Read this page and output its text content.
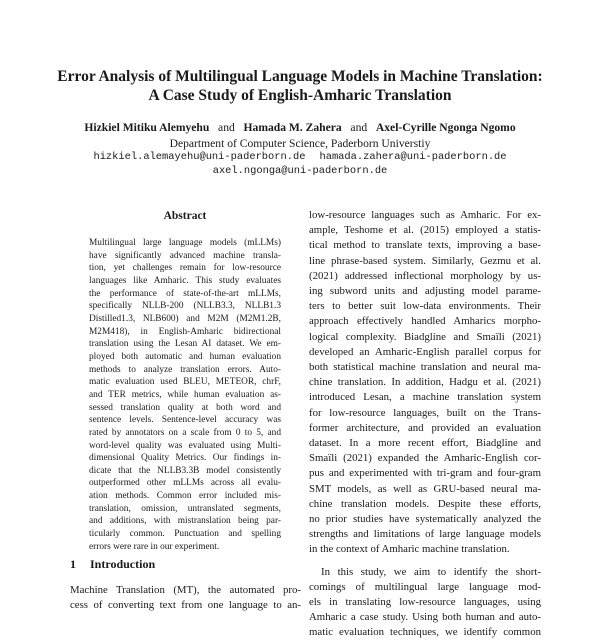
Error Analysis of Multilingual Language Models in Machine Translation:
A Case Study of English-Amharic Translation
Hizkiel Mitiku Alemyehu and Hamada M. Zahera and Axel-Cyrille Ngonga Ngomo
Department of Computer Science, Paderborn Universtiy
hizkiel.alemayehu@uni-paderborn.de hamada.zahera@uni-paderborn.de
axel.ngonga@uni-paderborn.de
Abstract
Multilingual large language models (mLLMs)
have significantly advanced machine transla-
tion, yet challenges remain for low-resource
languages like Amharic. This study evaluates
the performance of state-of-the-art mLLMs,
specifically NLLB-200 (NLLB3.3, NLLB1.3
Distilled1.3, NLB600) and M2M (M2M1.2B,
M2M418), in English-Amharic bidirectional
translation using the Lesan AI dataset. We em-
ployed both automatic and human evaluation
methods to analyze translation errors. Auto-
matic evaluation used BLEU, METEOR, chrF,
and TER metrics, while human evaluation as-
sessed translation quality at both word and
sentence levels. Sentence-level accuracy was
rated by annotators on a scale from 0 to 5, and
word-level quality was evaluated using Multi-
dimensional Quality Metrics. Our findings in-
dicate that the NLLB3.3B model consistently
outperformed other mLLMs across all evalu-
ation methods. Common error included mis-
translation, omission, untranslated segments,
and additions, with mistranslation being par-
ticularly common. Punctuation and spelling
errors were rare in our experiment.
1 Introduction
Machine Translation (MT), the automated pro-
cess of converting text from one language to an-
low-resource languages such as Amharic. For ex-
ample, Teshome et al. (2015) employed a statis-
tical method to translate texts, improving a base-
line phrase-based system. Similarly, Gezmu et al.
(2021) addressed inflectional morphology by us-
ing subword units and adjusting model parame-
ters to better suit low-data environments. Their
approach effectively handled Amharics morpho-
logical complexity. Biadgline and Smaïli (2021)
developed an Amharic-English parallel corpus for
both statistical machine translation and neural ma-
chine translation. In addition, Hadgu et al. (2021)
introduced Lesan, a machine translation system
for low-resource languages, built on the Trans-
former architecture, and provided an evaluation
dataset. In a more recent effort, Biadgline and
Smaïli (2021) expanded the Amharic-English cor-
pus and experimented with tri-gram and four-gram
SMT models, as well as GRU-based neural ma-
chine translation models. Despite these efforts,
no prior studies have systematically analyzed the
strengths and limitations of large language models
in the context of Amharic machine translation.
In this study, we aim to identify the short-
comings of multilingual large language mod-
els in translating low-resource languages, using
Amharic a case study. Using both human and auto-
matic evaluation techniques, we identify common
